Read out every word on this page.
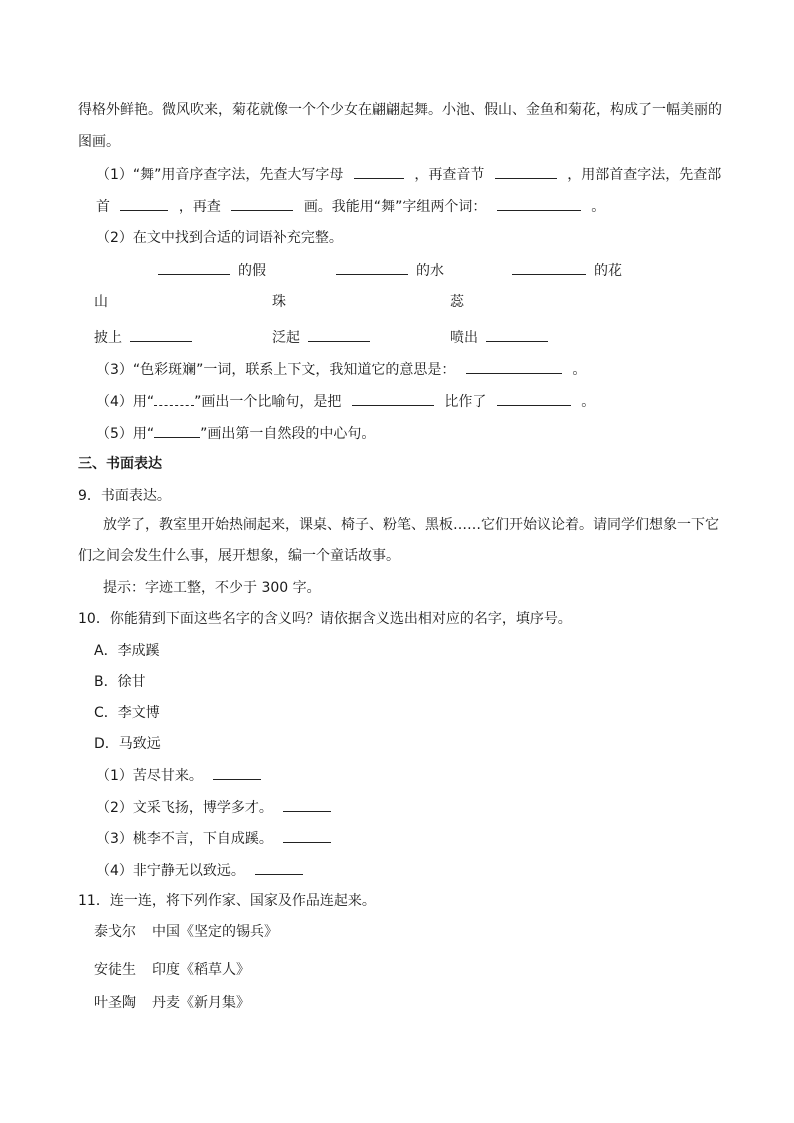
得格外鲜艳。微风吹来，菊花就像一个个少女在翩翩起舞。小池、假山、金鱼和菊花，构成了一幅美丽的
图画。
（1）“舞”用音序查字法，先查大写字母	，再查音节	，用部首查字法，先查部
首	，再查	画。我能用“舞”字组两个词：	。
（2）在文中找到合适的词语补充完整。
的假	的水	的花
山	珠	蕊
披上	泛起	喷出
（3）“色彩斑斓”一词，联系上下文，我知道它的意思是：	。
（4）用“	”画出一个比喻句，是把	比作了	。
（5）用“	”画出第一自然段的中心句。
三、书面表达
9．书面表达。
放学了，教室里开始热闹起来，课桌、椅子、粉笔、黑板……它们开始议论着。请同学们想象一下它
们之间会发生什么事，展开想象，编一个童话故事。
提示：字迹工整，不少于 300 字。
10．你能猜到下面这些名字的含义吗？请依据含义选出相对应的名字，填序号。
A．李成蹊
B．徐甘
C．李文博
D．马致远
（1）苦尽甘来。
（2）文采飞扬，博学多才。
（3）桃李不言，下自成蹊。
（4）非宁静无以致远。
11．连一连，将下列作家、国家及作品连起来。
泰戈尔 中国《坚定的锡兵》
安徒生 印度《稻草人》
叶圣陶 丹麦《新月集》
